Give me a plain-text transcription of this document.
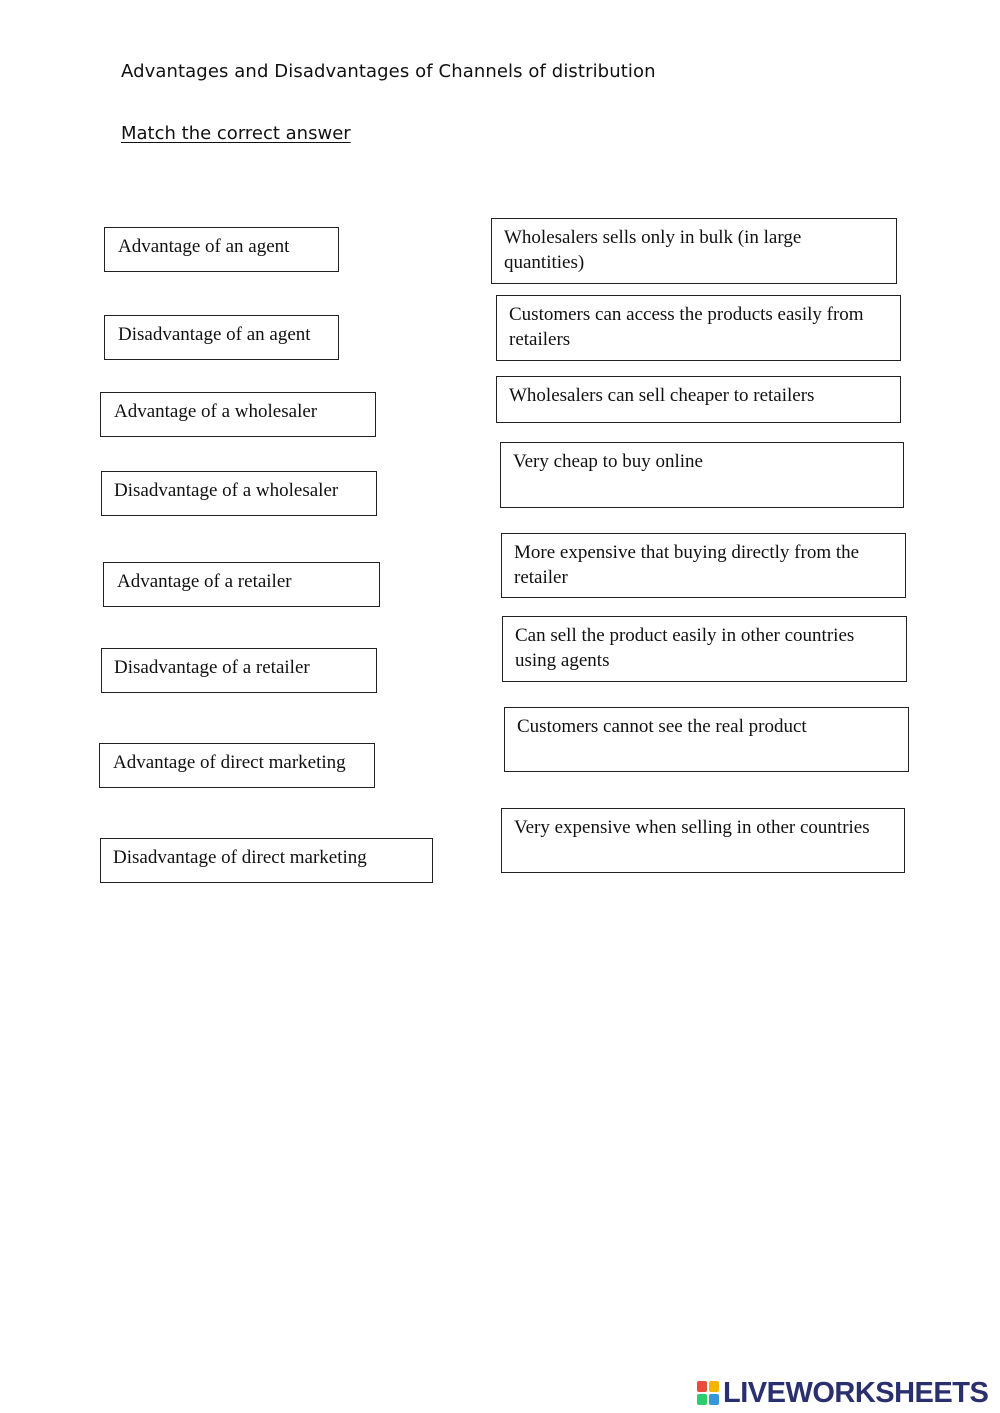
Advantages and Disadvantages of Channels of distribution
Match the correct answer
Advantage of an agent
Disadvantage of an agent
Advantage of a wholesaler
Disadvantage of a wholesaler
Advantage of a retailer
Disadvantage of a retailer
Advantage of direct marketing
Disadvantage of direct marketing
Wholesalers sells only in bulk (in large quantities)
Customers can access the products easily from retailers
Wholesalers can sell cheaper to retailers
Very cheap to buy online
More expensive that buying directly from the retailer
Can sell the product easily in other countries using agents
Customers cannot see the real product
Very expensive when selling in other countries
LIVEWORKSHEETS
